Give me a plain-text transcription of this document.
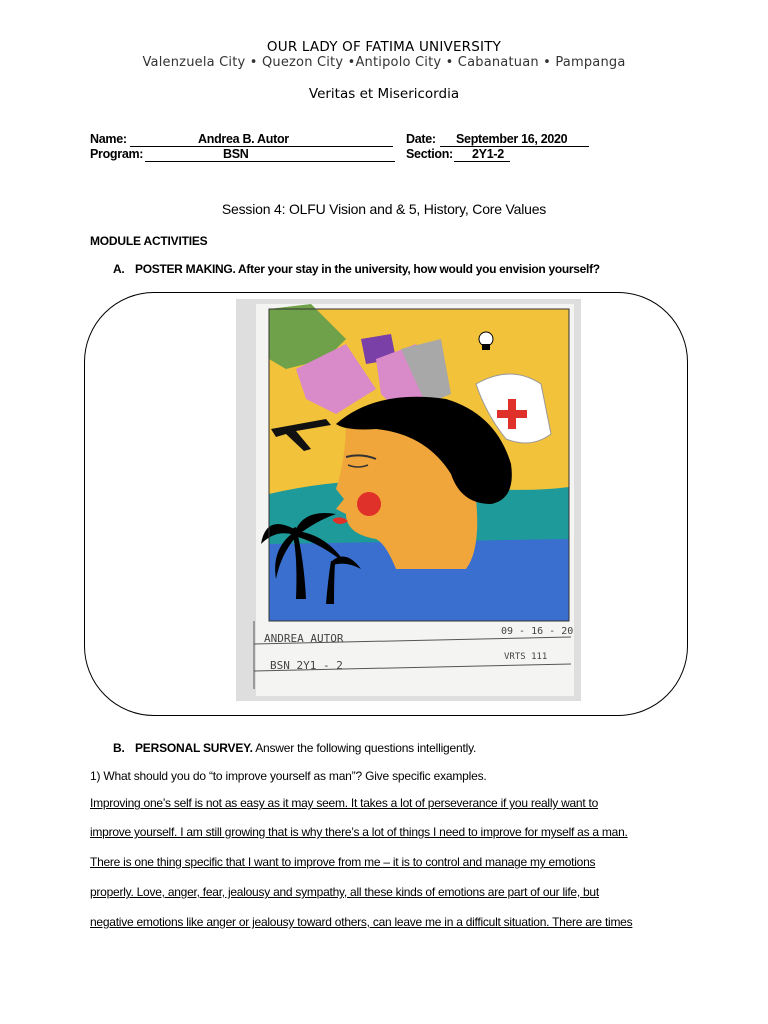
OUR LADY OF FATIMA UNIVERSITY
Valenzuela City • Quezon City •Antipolo City • Cabanatuan • Pampanga
Veritas et Misericordia
Name:	Andrea B. Autor	Date: September 16, 2020
Program:	BSN	Section: 2Y1-2
Session 4: OLFU Vision and & 5, History, Core Values
MODULE ACTIVITIES
A. POSTER MAKING. After your stay in the university, how would you envision yourself?
ANDREA AUTOR
09 - 16 - 20
BSN 2Y1 - 2
VRTS 111
B. PERSONAL SURVEY. Answer the following questions intelligently.
1) What should you do “to improve yourself as man”? Give specific examples.
Improving one’s self is not as easy as it may seem. It takes a lot of perseverance if you really want to
improve yourself. I am still growing that is why there’s a lot of things I need to improve for myself as a man.
There is one thing specific that I want to improve from me – it is to control and manage my emotions
properly. Love, anger, fear, jealousy and sympathy, all these kinds of emotions are part of our life, but
negative emotions like anger or jealousy toward others, can leave me in a difficult situation. There are times
